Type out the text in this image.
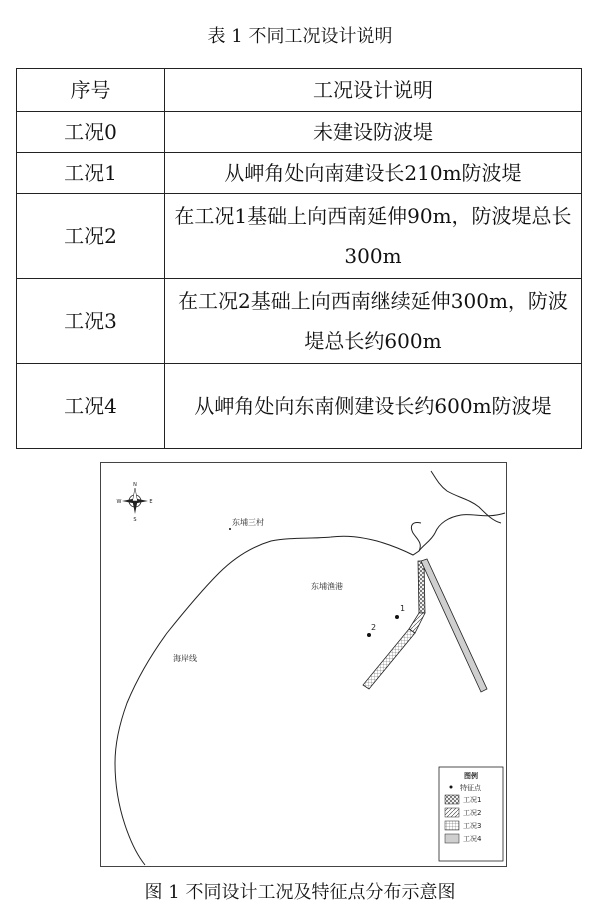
表 1 不同工况设计说明
序号	工况设计说明
工况0	未建设防波堤
工况1	从岬角处向南建设长210m防波堤
工况2	在工况1基础上向西南延伸90m，防波堤总长300m
工况3	在工况2基础上向西南继续延伸300m，防波堤总长约600m
工况4	从岬角处向东南侧建设长约600m防波堤
N
S
E
W
1
2
东埔三村
东埔渔港
海岸线
图例
特征点
工况1
工况2
工况3
工况4
图 1 不同设计工况及特征点分布示意图
